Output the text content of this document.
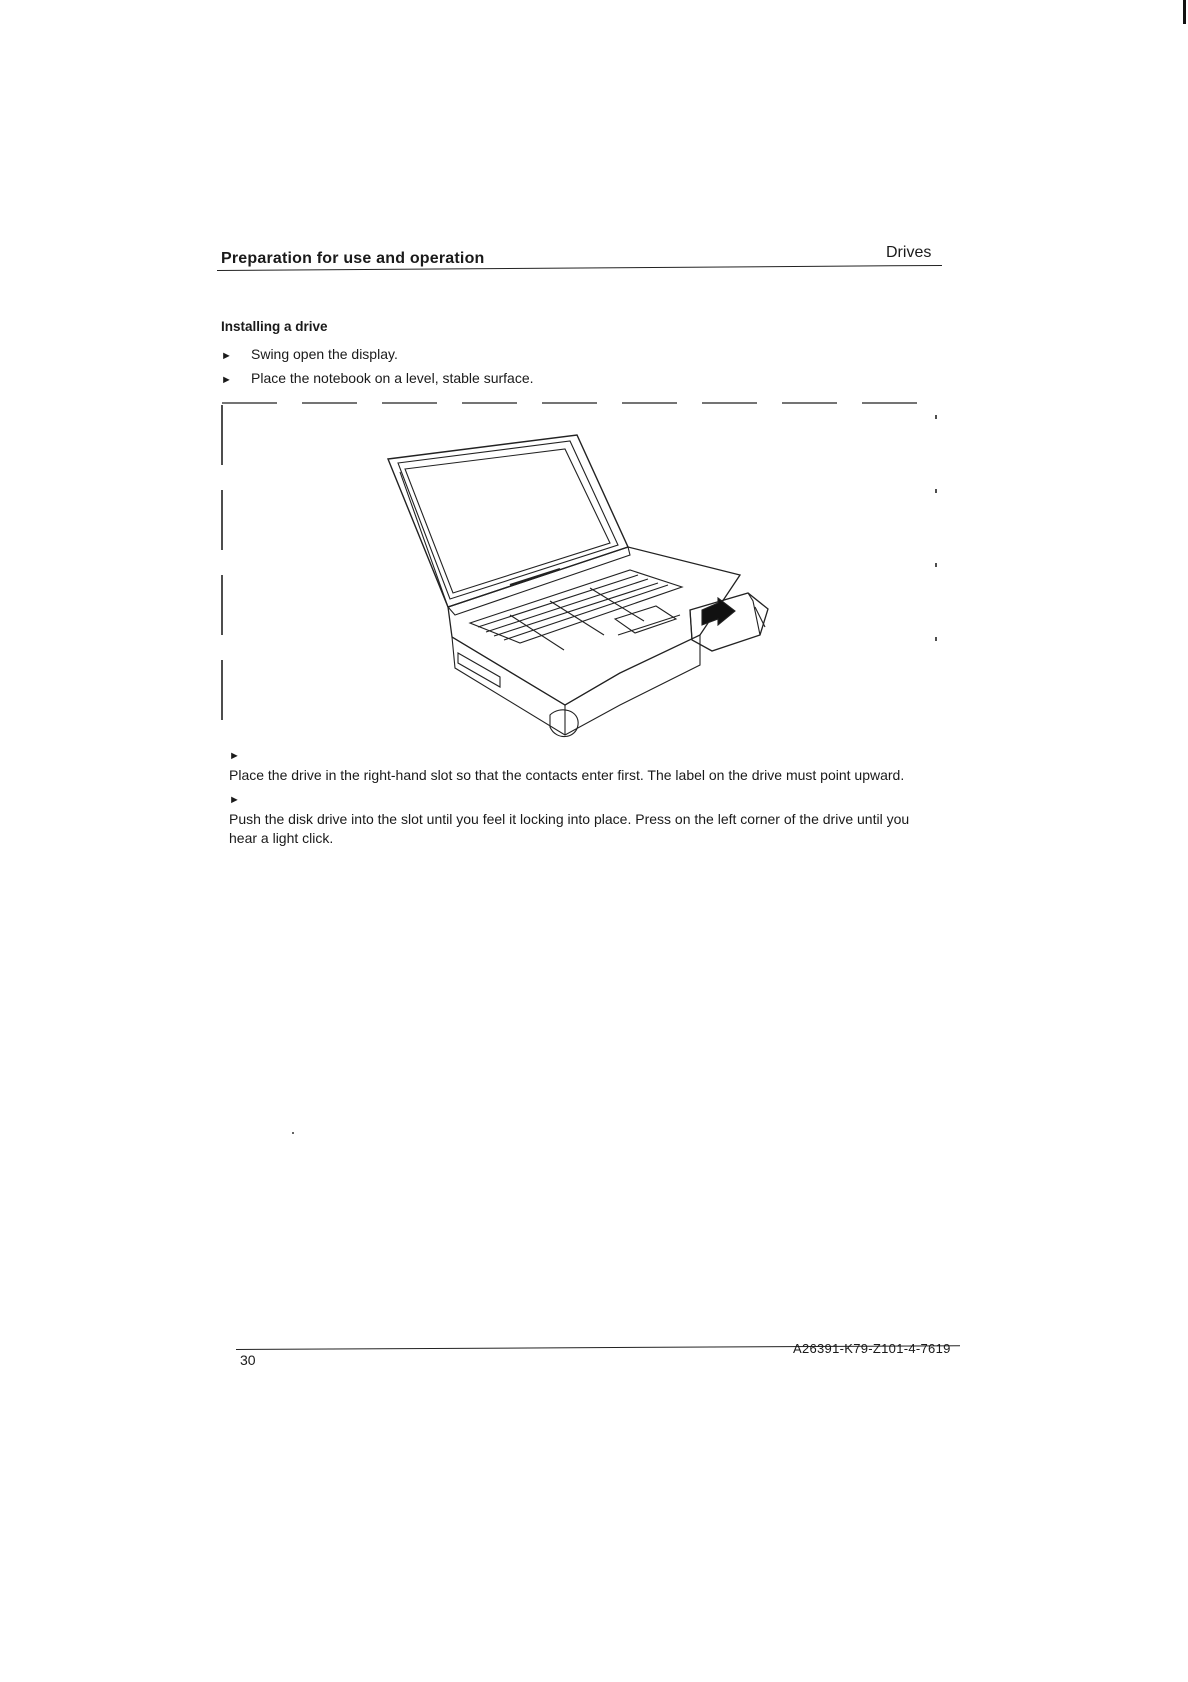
Preparation for use and operation	Drives
Installing a drive
► Swing open the display.
► Place the notebook on a level, stable surface.
►Place the drive in the right-hand slot so that the contacts enter first. The label on the drive must point upward.
►Push the disk drive into the slot until you feel it locking into place. Press on the left corner of the drive until you hear a light click.
30
A26391-K79-Z101-4-7619
